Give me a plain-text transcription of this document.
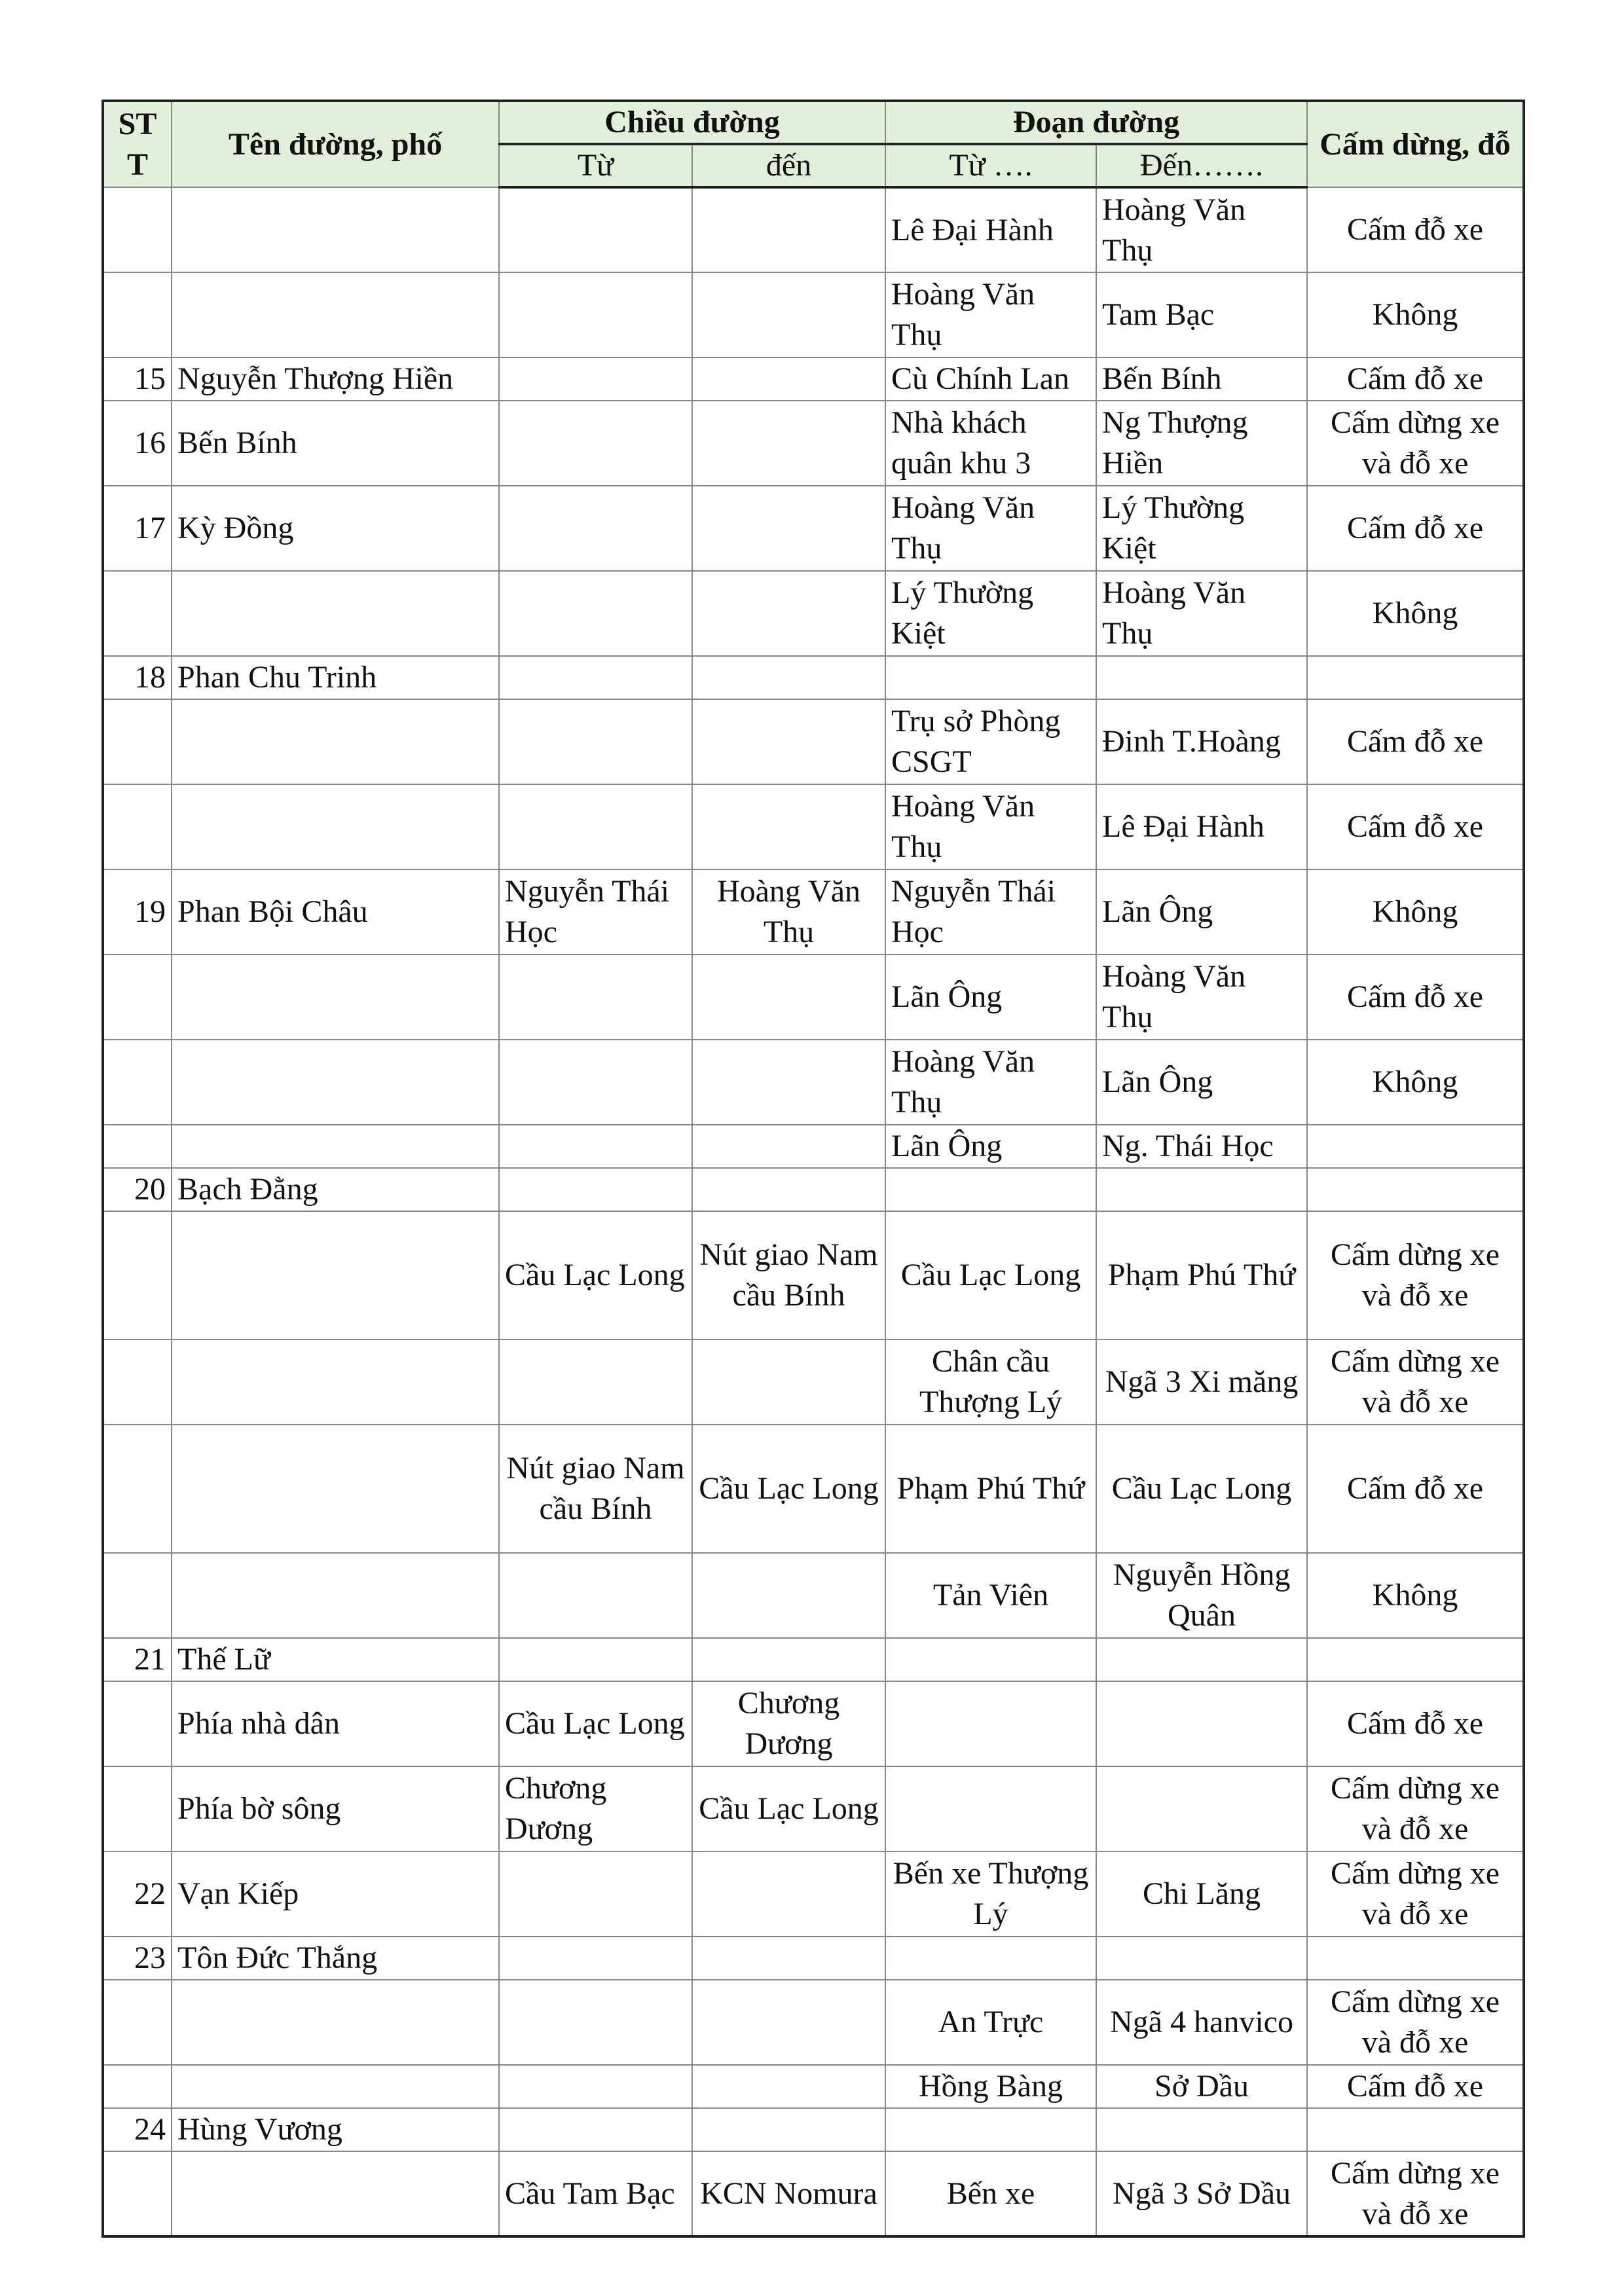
STT	Tên đường, phố	Chiều đường		Đoạn đường		Cấm dừng, đỗ
		Từ	đến	Từ ….	Đến…….	
				Lê Đại Hành	Hoàng Văn Thụ	Cấm đỗ xe
				Hoàng Văn Thụ	Tam Bạc	Không
15	Nguyễn Thượng Hiền			Cù Chính Lan	Bến Bính	Cấm đỗ xe
16	Bến Bính			Nhà khách quân khu 3	Ng Thượng Hiền	Cấm dừng xe và đỗ xe
17	Kỳ Đồng			Hoàng Văn Thụ	Lý Thường Kiệt	Cấm đỗ xe
				Lý Thường Kiệt	Hoàng Văn Thụ	Không
18	Phan Chu Trinh					
				Trụ sở Phòng CSGT	Đinh T.Hoàng	Cấm đỗ xe
				Hoàng Văn Thụ	Lê Đại Hành	Cấm đỗ xe
19	Phan Bội Châu	Nguyễn Thái Học	Hoàng Văn Thụ	Nguyễn Thái Học	Lãn Ông	Không
				Lãn Ông	Hoàng Văn Thụ	Cấm đỗ xe
				Hoàng Văn Thụ	Lãn Ông	Không
				Lãn Ông	Ng. Thái Học	
20	Bạch Đằng					
		Cầu Lạc Long	Nút giao Nam cầu Bính	Cầu Lạc Long	Phạm Phú Thứ	Cấm dừng xe và đỗ xe
				Chân cầu Thượng Lý	Ngã 3 Xi măng	Cấm dừng xe và đỗ xe
		Nút giao Nam cầu Bính	Cầu Lạc Long	Phạm Phú Thứ	Cầu Lạc Long	Cấm đỗ xe
				Tản Viên	Nguyễn Hồng Quân	Không
21	Thế Lữ					
	Phía nhà dân	Cầu Lạc Long	Chương Dương			Cấm đỗ xe
	Phía bờ sông	Chương Dương	Cầu Lạc Long			Cấm dừng xe và đỗ xe
22	Vạn Kiếp			Bến xe Thượng Lý	Chi Lăng	Cấm dừng xe và đỗ xe
23	Tôn Đức Thắng					
				An Trực	Ngã 4 hanvico	Cấm dừng xe và đỗ xe
				Hồng Bàng	Sở Dầu	Cấm đỗ xe
24	Hùng Vương					
		Cầu Tam Bạc	KCN Nomura	Bến xe	Ngã 3 Sở Dầu	Cấm dừng xe và đỗ xe
